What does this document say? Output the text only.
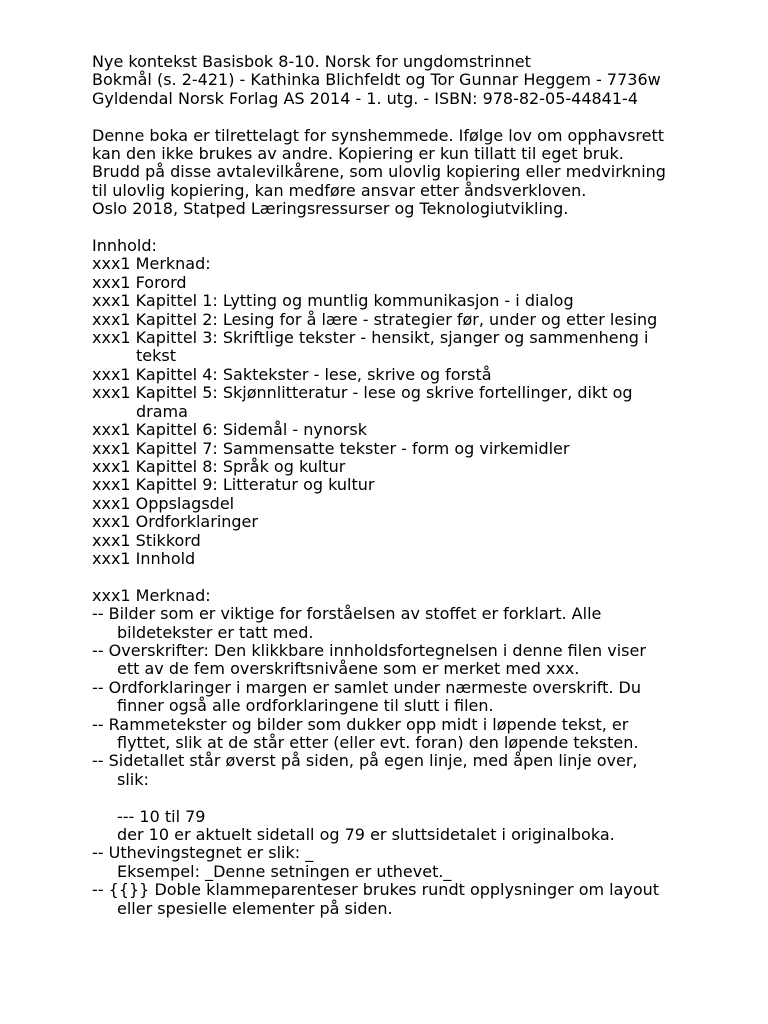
Nye kontekst Basisbok 8-10. Norsk for ungdomstrinnet
Bokmål (s. 2-421) - Kathinka Blichfeldt og Tor Gunnar Heggem - 7736w
Gyldendal Norsk Forlag AS 2014 - 1. utg. - ISBN: 978-82-05-44841-4
Denne boka er tilrettelagt for synshemmede. Ifølge lov om opphavsrett
kan den ikke brukes av andre. Kopiering er kun tillatt til eget bruk.
Brudd på disse avtalevilkårene, som ulovlig kopiering eller medvirkning
til ulovlig kopiering, kan medføre ansvar etter åndsverkloven.
Oslo 2018, Statped Læringsressurser og Teknologiutvikling.
Innhold:
xxx1 Merknad:
xxx1 Forord
xxx1 Kapittel 1: Lytting og muntlig kommunikasjon - i dialog
xxx1 Kapittel 2: Lesing for å lære - strategier før, under og etter lesing
xxx1 Kapittel 3: Skriftlige tekster - hensikt, sjanger og sammenheng i
tekst
xxx1 Kapittel 4: Saktekster - lese, skrive og forstå
xxx1 Kapittel 5: Skjønnlitteratur - lese og skrive fortellinger, dikt og
drama
xxx1 Kapittel 6: Sidemål - nynorsk
xxx1 Kapittel 7: Sammensatte tekster - form og virkemidler
xxx1 Kapittel 8: Språk og kultur
xxx1 Kapittel 9: Litteratur og kultur
xxx1 Oppslagsdel
xxx1 Ordforklaringer
xxx1 Stikkord
xxx1 Innhold
xxx1 Merknad:
-- Bilder som er viktige for forståelsen av stoffet er forklart. Alle
bildetekster er tatt med.
-- Overskrifter: Den klikkbare innholdsfortegnelsen i denne filen viser
ett av de fem overskriftsnivåene som er merket med xxx.
-- Ordforklaringer i margen er samlet under nærmeste overskrift. Du
finner også alle ordforklaringene til slutt i filen.
-- Rammetekster og bilder som dukker opp midt i løpende tekst, er
flyttet, slik at de står etter (eller evt. foran) den løpende teksten.
-- Sidetallet står øverst på siden, på egen linje, med åpen linje over,
slik:
--- 10 til 79
der 10 er aktuelt sidetall og 79 er sluttsidetalet i originalboka.
-- Uthevingstegnet er slik: _
Eksempel: _Denne setningen er uthevet._
-- {{}} Doble klammeparenteser brukes rundt opplysninger om layout
eller spesielle elementer på siden.
